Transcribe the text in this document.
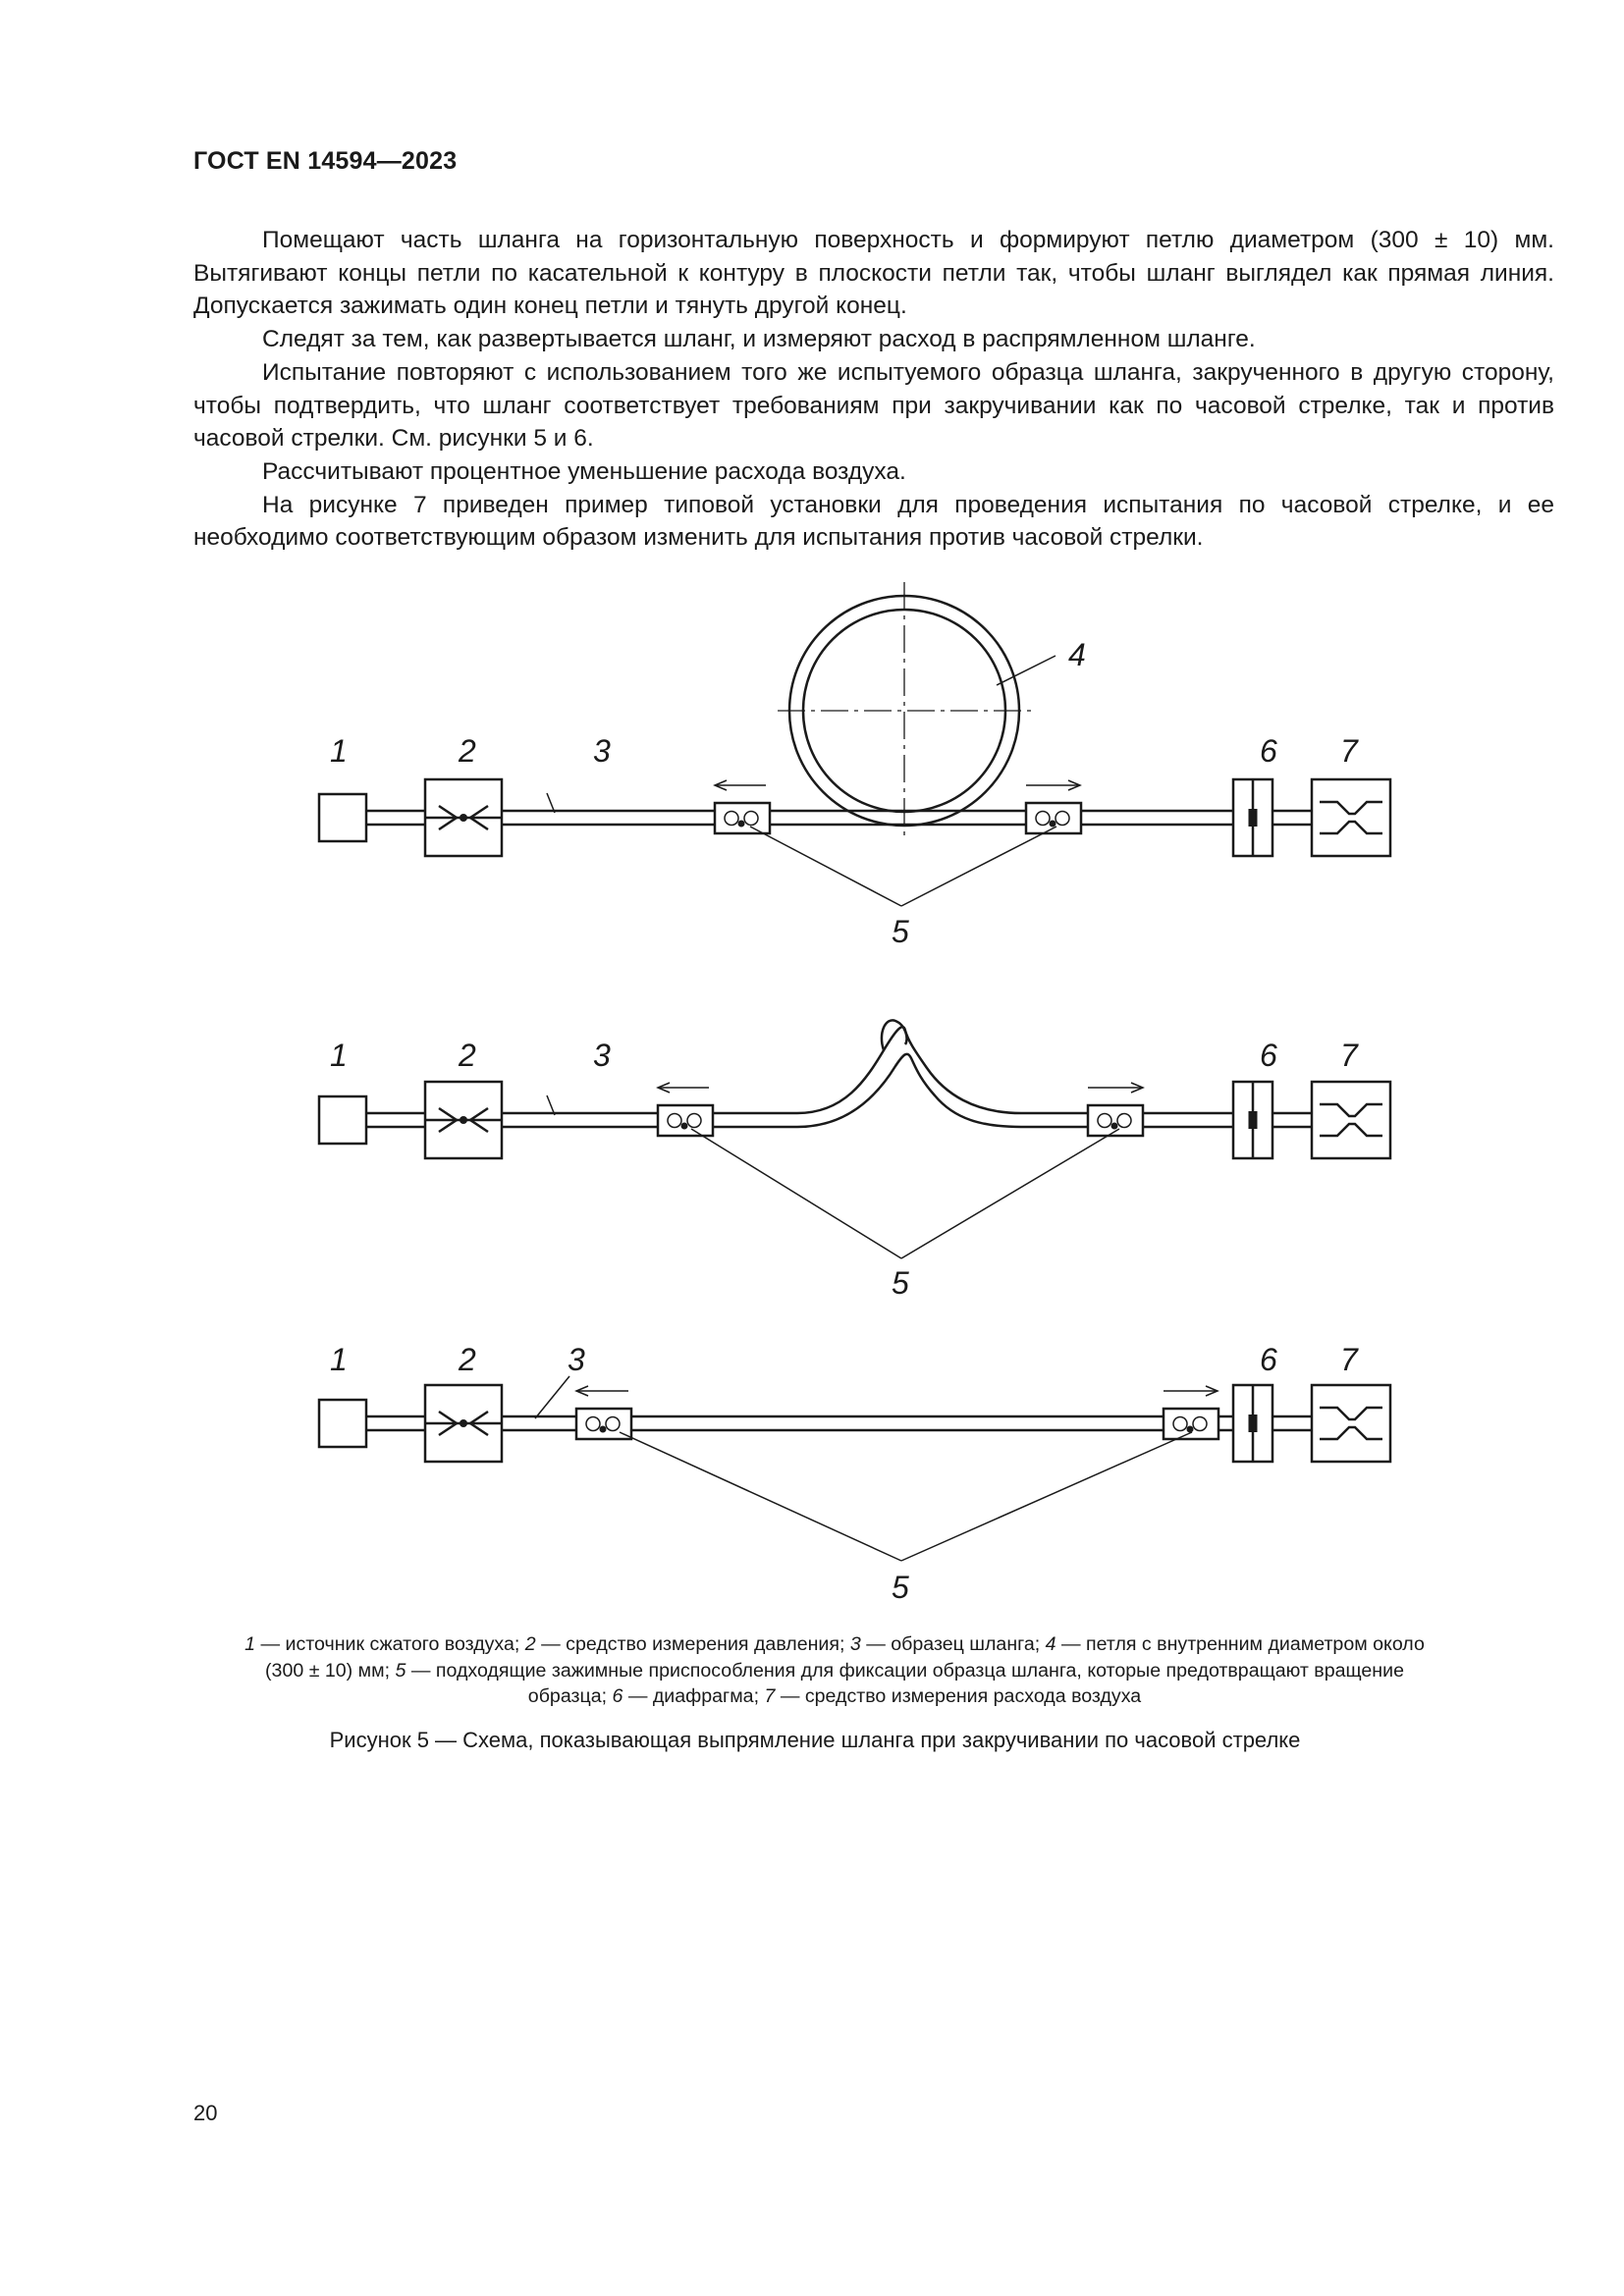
ГОСТ EN 14594—2023

Помещают часть шланга на горизонтальную поверхность и формируют петлю диаметром (300 ± 10) мм. Вытягивают концы петли по касательной к контуру в плоскости петли так, чтобы шланг выглядел как прямая линия. Допускается зажимать один конец петли и тянуть другой конец.

Следят за тем, как развертывается шланг, и измеряют расход в распрямленном шланге.

Испытание повторяют с использованием того же испытуемого образца шланга, закрученного в другую сторону, чтобы подтвердить, что шланг соответствует требованиям при закручивании как по часовой стрелке, так и против часовой стрелки. См. рисунки 5 и 6.

Рассчитывают процентное уменьшение расхода воздуха.

На рисунке 7 приведен пример типовой установки для проведения испытания по часовой стрелке, и ее необходимо соответствующим образом изменить для испытания против часовой стрелки.

1	2	3
4
5
6 7
1	2	3
5
6 7
1	2	3
5
6 7
1 — источник сжатого воздуха; 2 — средство измерения давления; 3 — образец шланга; 4 — петля с внутренним диаметром около (300 ± 10) мм; 5 — подходящие зажимные приспособления для фиксации образца шланга, которые предотвращают вращение образца; 6 — диафрагма; 7 — средство измерения расхода воздуха
Рисунок 5 — Схема, показывающая выпрямление шланга при закручивании по часовой стрелке
20
